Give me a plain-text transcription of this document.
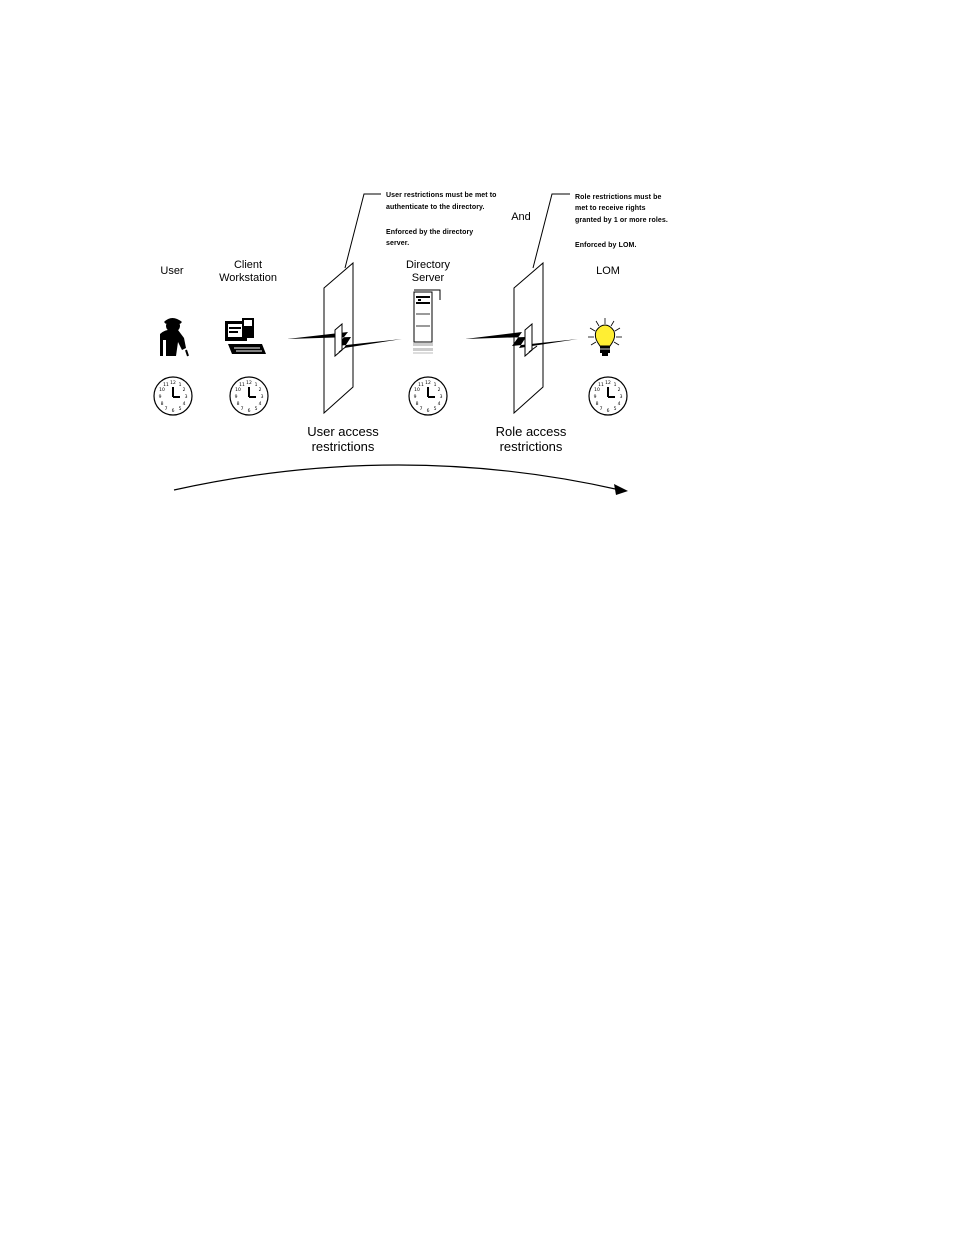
12
3
6
9
1
2
4
5
7
8
10
11	12
3
6
9
1
2
4
5
7
8
10
11	12
3
6
9
1
2
4
5
7
8
10
11	12
3
6
9
1
2
4
5
7
8
10
11
User	Client
Workstation
Directory
Server
LOM
And
User restrictions must be met to
authenticate to the directory.
Enforced by the directory
server.
Role restrictions must be
met to receive rights
granted by 1 or more roles.
Enforced by LOM.
User access
restrictions
Role access
restrictions
